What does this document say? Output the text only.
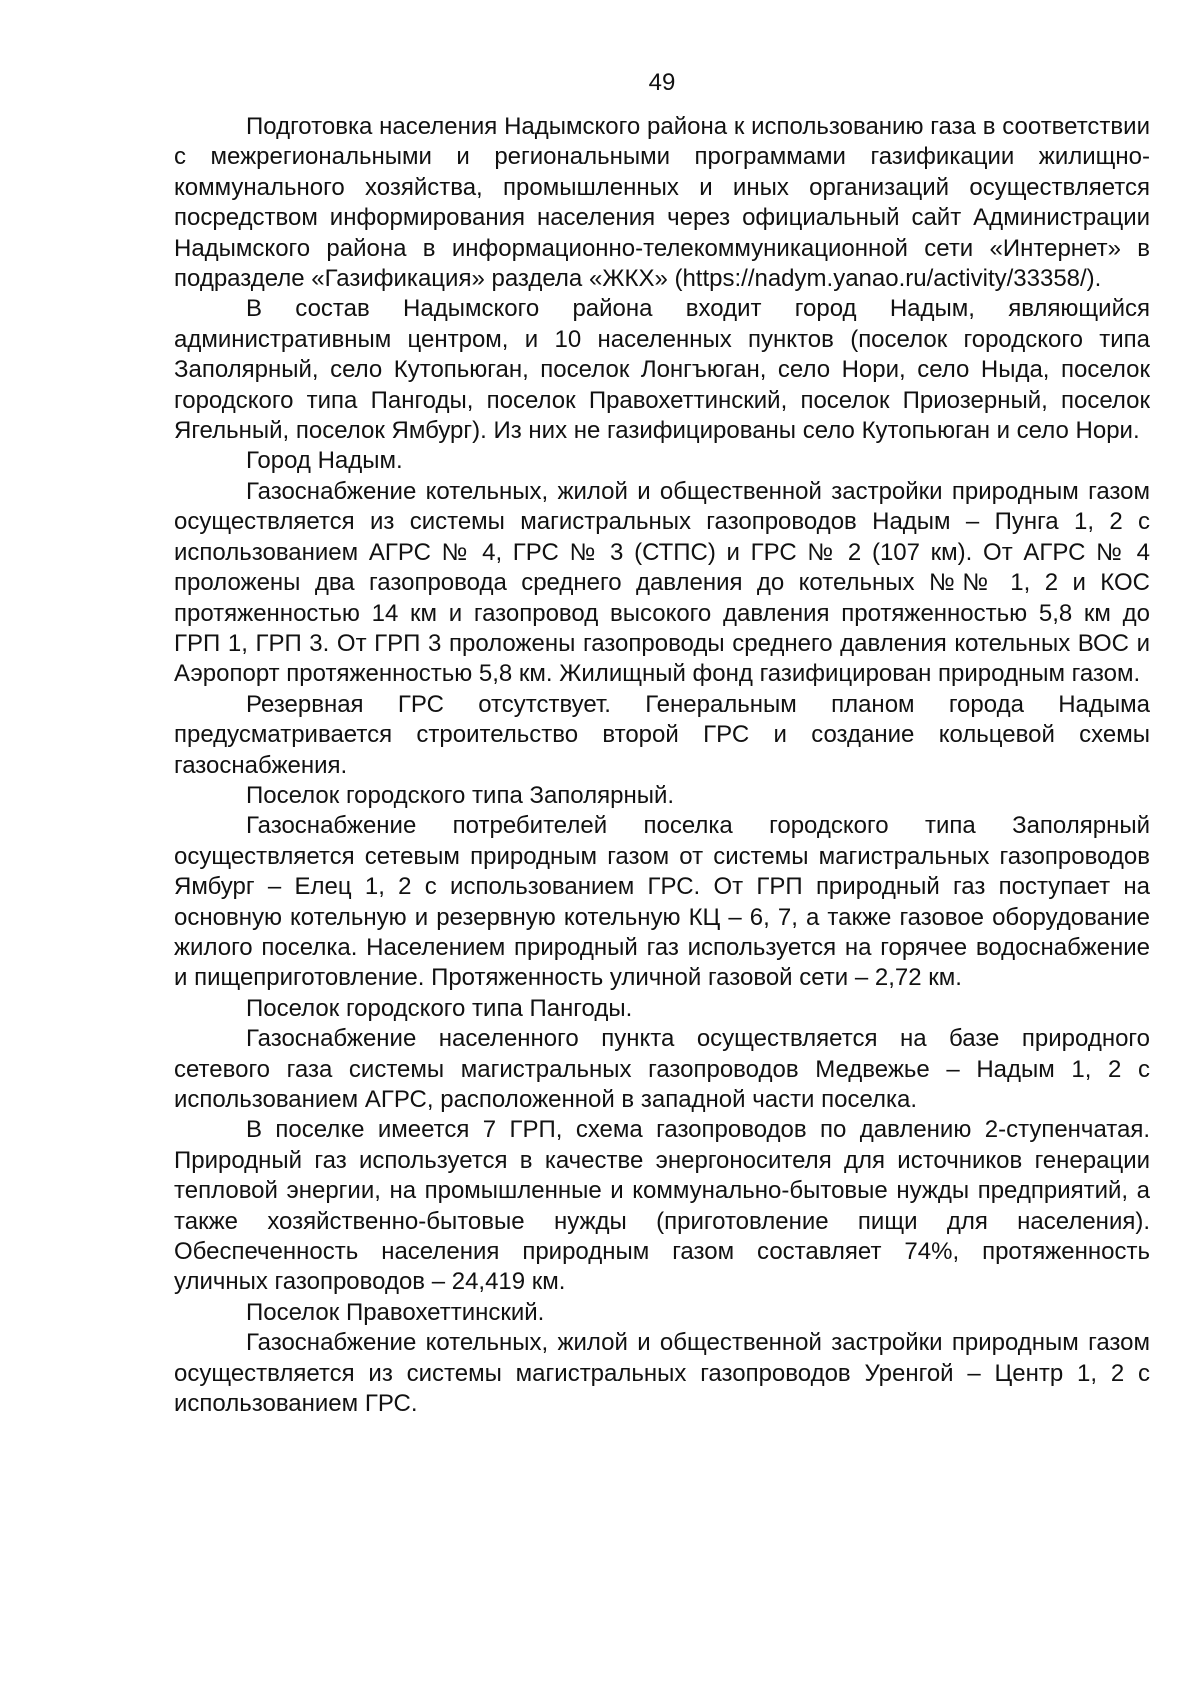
49

Подготовка населения Надымского района к использованию газа в соответствии с межрегиональными и региональными программами газификации жилищно-коммунального хозяйства, промышленных и иных организаций осуществляется посредством информирования населения через официальный сайт Администрации Надымского района в информационно-телекоммуникационной сети «Интернет» в подразделе «Газификация» раздела «ЖКХ» (https://nadym.yanao.ru/activity/33358/).

В состав Надымского района входит город Надым, являющийся административным центром, и 10 населенных пунктов (поселок городского типа Заполярный, село Кутопьюган, поселок Лонгъюган, село Нори, село Ныда, поселок городского типа Пангоды, поселок Правохеттинский, поселок Приозерный, поселок Ягельный, поселок Ямбург). Из них не газифицированы село Кутопьюган и село Нори.

Город Надым.

Газоснабжение котельных, жилой и общественной застройки природным газом осуществляется из системы магистральных газопроводов Надым – Пунга 1, 2 с использованием АГРС № 4, ГРС № 3 (СТПС) и ГРС № 2 (107 км). От АГРС № 4 проложены два газопровода среднего давления до котельных №№ 1, 2 и КОС протяженностью 14 км и газопровод высокого давления протяженностью 5,8 км до ГРП 1, ГРП 3. От ГРП 3 проложены газопроводы среднего давления котельных ВОС и Аэропорт протяженностью 5,8 км. Жилищный фонд газифицирован природным газом.

Резервная ГРС отсутствует. Генеральным планом города Надыма предусматривается строительство второй ГРС и создание кольцевой схемы газоснабжения.

Поселок городского типа Заполярный.

Газоснабжение потребителей поселка городского типа Заполярный осуществляется сетевым природным газом от системы магистральных газопроводов Ямбург – Елец 1, 2 с использованием ГРС. От ГРП природный газ поступает на основную котельную и резервную котельную КЦ – 6, 7, а также газовое оборудование жилого поселка. Населением природный газ используется на горячее водоснабжение и пищеприготовление. Протяженность уличной газовой сети – 2,72 км.

Поселок городского типа Пангоды.

Газоснабжение населенного пункта осуществляется на базе природного сетевого газа системы магистральных газопроводов Медвежье – Надым 1, 2 с использованием АГРС, расположенной в западной части поселка.

В поселке имеется 7 ГРП, схема газопроводов по давлению 2-ступенчатая. Природный газ используется в качестве энергоносителя для источников генерации тепловой энергии, на промышленные и коммунально-бытовые нужды предприятий, а также хозяйственно-бытовые нужды (приготовление пищи для населения). Обеспеченность населения природным газом составляет 74%, протяженность уличных газопроводов – 24,419 км.

Поселок Правохеттинский.

Газоснабжение котельных, жилой и общественной застройки природным газом осуществляется из системы магистральных газопроводов Уренгой – Центр 1, 2 с использованием ГРС.
